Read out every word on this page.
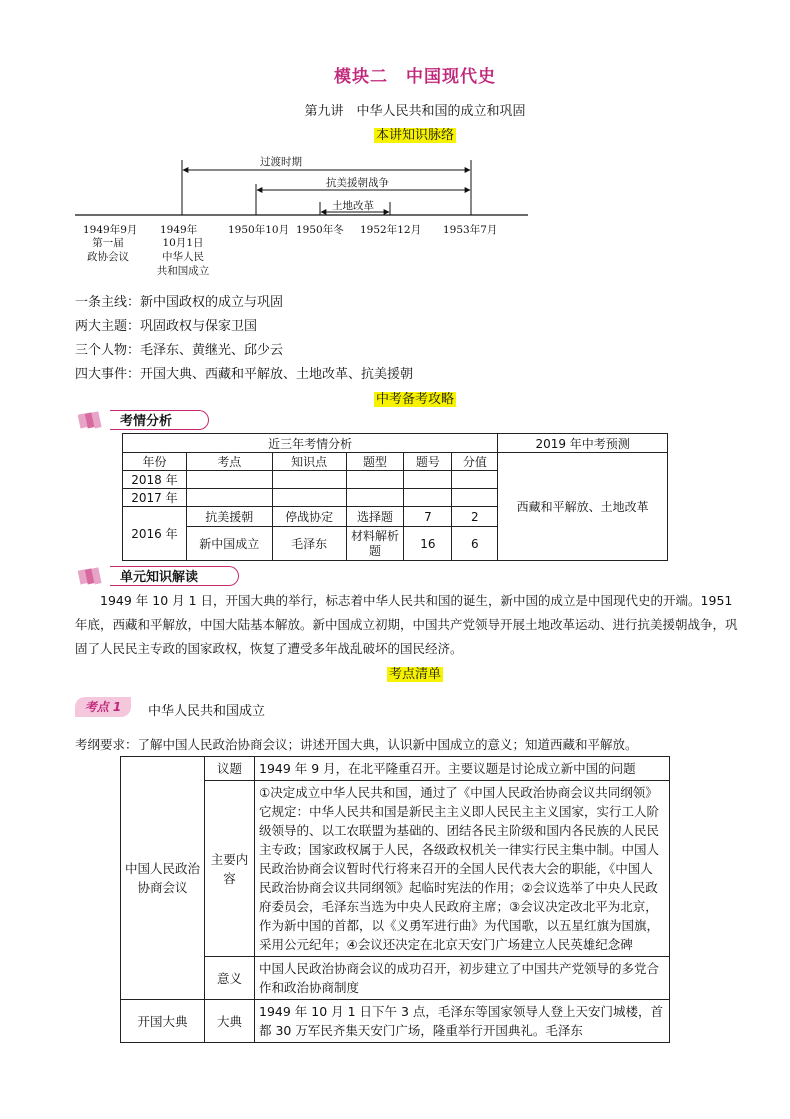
模块二　中国现代史
第九讲　中华人民共和国的成立和巩固
本讲知识脉络
过渡时期
抗美援朝战争
土地改革
1949年9月 1949年	1950年10月 1950年冬 1952年12月 1953年7月
第一届
政协会议
10月1日
中华人民
共和国成立
一条主线：新中国政权的成立与巩固
两大主题：巩固政权与保家卫国
三个人物：毛泽东、黄继光、邱少云
四大事件：开国大典、西藏和平解放、土地改革、抗美援朝
中考备考攻略
考情分析
近三年考情分析						2019 年中考预测
年份	考点	知识点	题型	题号	分值	西藏和平解放、土地改革
2018 年						
2017 年						
2016 年	抗美援朝	停战协定	选择题	7	2	
	新中国成立	毛泽东	材料解析题	16	6	
单元知识解读
1949 年 10 月 1 日，开国大典的举行，标志着中华人民共和国的诞生，新中国的成立是中国现代史的开端。1951 年底，西藏和平解放，中国大陆基本解放。新中国成立初期，中国共产党领导开展土地改革运动、进行抗美援朝战争，巩固了人民民主专政的国家政权，恢复了遭受多年战乱破坏的国民经济。
考点清单
考点 1	中华人民共和国成立
考纲要求：了解中国人民政治协商会议；讲述开国大典，认识新中国成立的意义；知道西藏和平解放。
中国人民政治协商会议	议题	1949 年 9 月，在北平隆重召开。主要议题是讨论成立新中国的问题
	主要内容	①决定成立中华人民共和国，通过了《中国人民政治协商会议共同纲领》它规定：中华人民共和国是新民主主义即人民民主主义国家，实行工人阶级领导的、以工农联盟为基础的、团结各民主阶级和国内各民族的人民民主专政；国家政权属于人民，各级政权机关一律实行民主集中制。中国人民政治协商会议暂时代行将来召开的全国人民代表大会的职能，《中国人民政治协商会议共同纲领》起临时宪法的作用；②会议选举了中央人民政府委员会，毛泽东当选为中央人民政府主席；③会议决定改北平为北京，作为新中国的首都，以《义勇军进行曲》为代国歌，以五星红旗为国旗，采用公元纪年；④会议还决定在北京天安门广场建立人民英雄纪念碑
	意义	中国人民政治协商会议的成功召开，初步建立了中国共产党领导的多党合作和政治协商制度
开国大典	大典	1949 年 10 月 1 日下午 3 点，毛泽东等国家领导人登上天安门城楼，首都 30 万军民齐集天安门广场，隆重举行开国典礼。毛泽东
